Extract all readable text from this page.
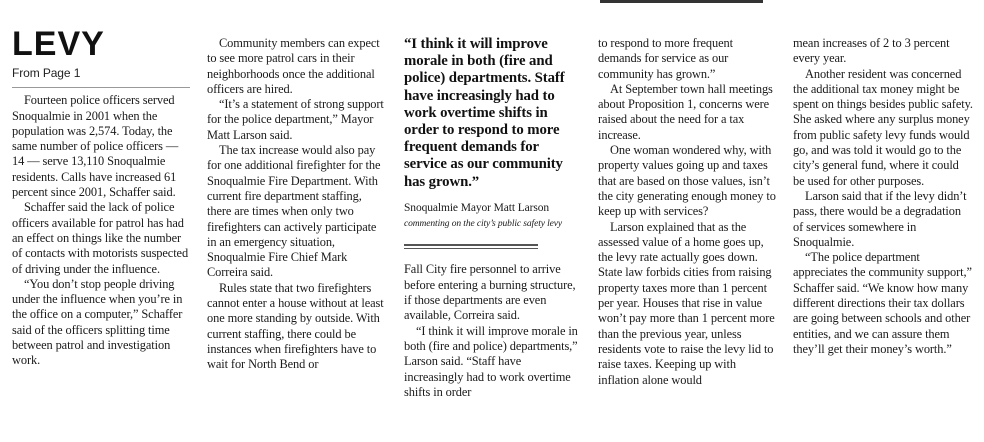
LEVY
From Page 1

Fourteen police officers served Snoqualmie in 2001 when the population was 2,574. Today, the same number of police officers — 14 — serve 13,110 Snoqualmie residents. Calls have increased 61 percent since 2001, Schaffer said.

Schaffer said the lack of police officers available for patrol has had an effect on things like the number of contacts with motorists suspected of driving under the influence.

“You don’t stop people driving under the influence when you’re in the office on a computer,” Schaffer said of the officers splitting time between patrol and investigation work.

Community members can expect to see more patrol cars in their neighborhoods once the additional officers are hired.

“It’s a statement of strong support for the police department,” Mayor Matt Larson said.

The tax increase would also pay for one additional firefighter for the Snoqualmie Fire Department. With current fire department staffing, there are times when only two firefighters can actively participate in an emergency situation, Snoqualmie Fire Chief Mark Correira said.

Rules state that two firefighters cannot enter a house without at least one more standing by outside. With current staffing, there could be instances when firefighters have to wait for North Bend or

“I think it will improve morale in both (fire and police) departments. Staff have increasingly had to work overtime shifts in order to respond to more frequent demands for service as our community has grown.”
Snoqualmie Mayor Matt Larson
commenting on the city’s public safety levy

Fall City fire personnel to arrive before entering a burning structure, if those departments are even available, Correira said.

“I think it will improve morale in both (fire and police) departments,” Larson said. “Staff have increasingly had to work overtime shifts in order

to respond to more frequent demands for service as our community has grown.”

At September town hall meetings about Proposition 1, concerns were raised about the need for a tax increase.

One woman wondered why, with property values going up and taxes that are based on those values, isn’t the city generating enough money to keep up with services?

Larson explained that as the assessed value of a home goes up, the levy rate actually goes down. State law forbids cities from raising property taxes more than 1 percent per year. Houses that rise in value won’t pay more than 1 percent more than the previous year, unless residents vote to raise the levy lid to raise taxes. Keeping up with inflation alone would

mean increases of 2 to 3 percent every year.

Another resident was concerned the additional tax money might be spent on things besides public safety. She asked where any surplus money from public safety levy funds would go, and was told it would go to the city’s general fund, where it could be used for other purposes.

Larson said that if the levy didn’t pass, there would be a degradation of services somewhere in Snoqualmie.

“The police department appreciates the community support,” Schaffer said. “We know how many different directions their tax dollars are going between schools and other entities, and we can assure them they’ll get their money’s worth.”
